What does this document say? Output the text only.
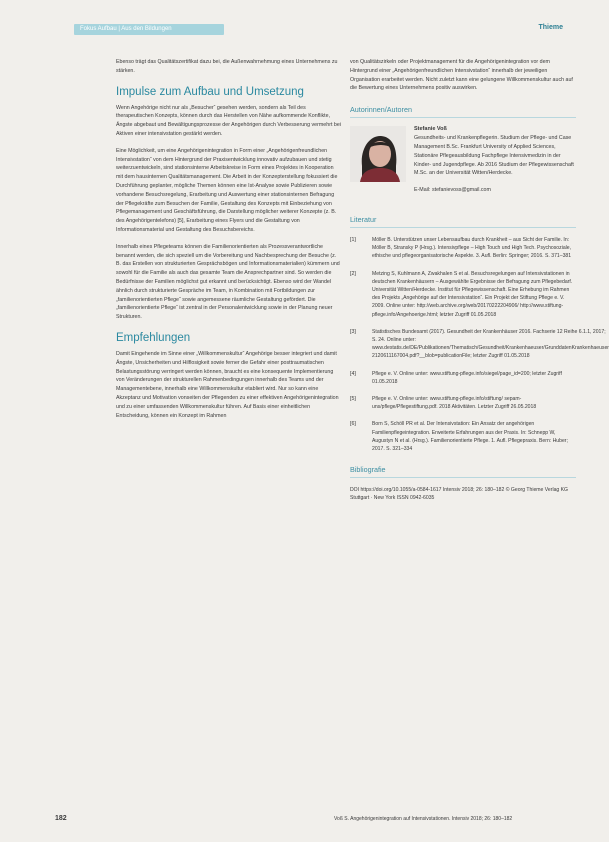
Fokus Aufbau | Aus den Bildungen	Thieme

Ebenso trägt das Qualitätszertifikat dazu bei, die Außenwahrnehmung eines Unternehmens zu stärken.

Impulse zum Aufbau und Umsetzung

Wenn Angehörige nicht nur als „Besucher“ gesehen werden, sondern als Teil des therapeutischen Konzepts, können durch das Herstellen von Nähe aufkommende Konflikte, Ängste abgebaut und Bewältigungsprozesse der Angehörigen durch Verbesserung vermehrt bei Aktiven einer intensivstation gestärkt werden.

Eine Möglichkeit, um eine Angehörigenintegration in Form einer „Angehörigenfreundlichen Intensivstation“ von dem Hintergrund der Praxisentwicklung innovativ aufzubauen und stetig weiterzuentwickeln, sind stationsinterne Arbeitskreise in Form eines Projektes in Kooperation mit dem hausinternen Qualitätsmanagement. Die Arbeit in der Konzepterstellung fokussiert die Durchführung geplanter, mögliche Themen können eine Ist-Analyse sowie Publizieren sowie vorhandene Besuchsregelung, Erarbeitung und Auswertung einer stationsinternen Befragung der Pflegekräfte zum Besuchen der Familie, Gestaltung des Konzepts mit Einbeziehung von Pflegemanagement und Geschäftsführung, die Darstellung möglicher weiterer Konzepte (z. B. des Angehörigentelefons) [5], Erarbeitung eines Flyers und die Gestaltung von Informationsmaterial und Gestaltung des Besuchsbereichs.

Innerhalb eines Pflegeteams können die Familienorientierten als Prozessverantwortliche benannt werden, die sich speziell um die Vorbereitung und Nachbesprechung der Besuche (z. B. das Erstellen von strukturierten Gesprächsbögen und Informationsmaterialien) kümmern und sowohl für die Familie als auch das gesamte Team die Ansprechpartner sind. So werden die Bedürfnisse der Familien möglichst gut erkannt und berücksichtigt. Ebenso wird der Wandel ähnlich durch strukturierte Gespräche im Team, in Kombination mit Fortbildungen zur „familienorientierten Pflege“ sowie angemessene räumliche Gestaltung gefördert. Die „familienorientierte Pflege“ ist zentral in der Personalentwicklung sowie in der Planung neuer Strukturen.

Empfehlungen

Damit Eingehende im Sinne einer „Willkommenskultur“ Angehörige besser integriert und damit Ängste, Unsicherheiten und Hilflosigkeit sowie ferner die Gefahr einer posttraumatischen Belastungsstörung verringert werden können, braucht es eine konsequente Implementierung von Veränderungen der strukturellen Rahmenbedingungen innerhalb des Teams und der Managementebene, innerhalb eine Willkommenskultur etabliert wird. Nur so kann eine Akzeptanz und Motivation vonseiten der Pflegenden zu einer effektiven Angehörigenintegration und zu einer umfassenden Willkommenskultur führen. Auf Basis einer einheitlichen Entscheidung, können ein Konzept im Rahmen

von Qualitätszirkeln oder Projektmanagement für die Angehörigenintegration vor dem Hintergrund einer „Angehörigenfreundlichen Intensivstation“ innerhalb der jeweiligen Organisation erarbeitet werden. Nicht zuletzt kann eine gelungene Willkommenskultur auch auf die Bewertung eines Unternehmens positiv auswirken.

Autorinnen/Autoren
Stefanie Voß

Gesundheits- und Krankenpflegerin. Studium der Pflege- und Case Management B.Sc. Frankfurt University of Applied Sciences, Stationäre Pflegeausbildung Fachpflege Intensivmedizin in der Kinder- und Jugendpflege. Ab 2016 Studium der Pflegewissenschaft M.Sc. an der Universität Witten/Herdecke.

E-Mail: stefanievoss@gmail.com

Literatur
[1]	Möller B. Unterstützen unser Lebensaufbau durch Krankheit – aus Sicht der Familie. In: Möller B, Stransky P (Hrsg.). Intensivpflege – High Touch und High Tech. Psychosoziale, ethische und pflegeorganisatorische Aspekte. 3. Aufl. Berlin: Springer; 2016. S. 371–381
[2]	Metzing S, Kuhlmann A, Zwakhalen S et al. Besuchsregelungen auf Intensivstationen in deutschen Krankenhäusern – Ausgewählte Ergebnisse der Befragung zum Pflegebedarf. Universität Witten/Herdecke. Institut für Pflegewissenschaft. Eine Erhebung im Rahmen des Projekts „Angehörige auf der Intensivstation“. Ein Projekt der Stiftung Pflege e. V. 2009. Online unter: http://web.archive.org/web/20170222204906/ http://www.stiftung-pflege.info/Angehoerige.html; letzter Zugriff 01.05.2018
[3]	Statistisches Bundesamt (2017). Gesundheit der Krankenhäuser 2016. Fachserie 12 Reihe 6.1.1, 2017; S. 24. Online unter: www.destatis.de/DE/Publikationen/Thematisch/Gesundheit/Krankenhaeuser/GrunddatenKrankenhaeuser 2120611167004.pdf?__blob=publicationFile; letzter Zugriff 01.05.2018
[4]	Pflege e. V. Online unter: www.stiftung-pflege.info/siegel/page_id=200; letzter Zugriff 01.05.2018
[5]	Pflege e. V. Online unter: www.stiftung-pflege.info/stiftung/ sepam-uns/pflege/Pflegestiftung.pdf. 2018 Aktivitäten. Letzter Zugriff 26.05.2018
[6]	Born S, Schöll PR et al. Der Intensivstation: Ein Ansatz der angehörigen Familienpflegeintegration. Erweiterte Erfahrungen aus der Praxis. In: Schnepp W, Augustyn N et al. (Hrsg.). Familienorientierte Pflege. 1. Aufl. Pflegepraxis. Bern: Huber; 2017. S. 321–334
Bibliografie
DOI https://doi.org/10.1055/a-0584-1617 Intensiv 2018; 26: 180–182 © Georg Thieme Verlag KG Stuttgart · New York ISSN 0942-6035
182	Voß S. Angehörigenintegration auf Intensivstationen. Intensiv 2018; 26: 180–182
